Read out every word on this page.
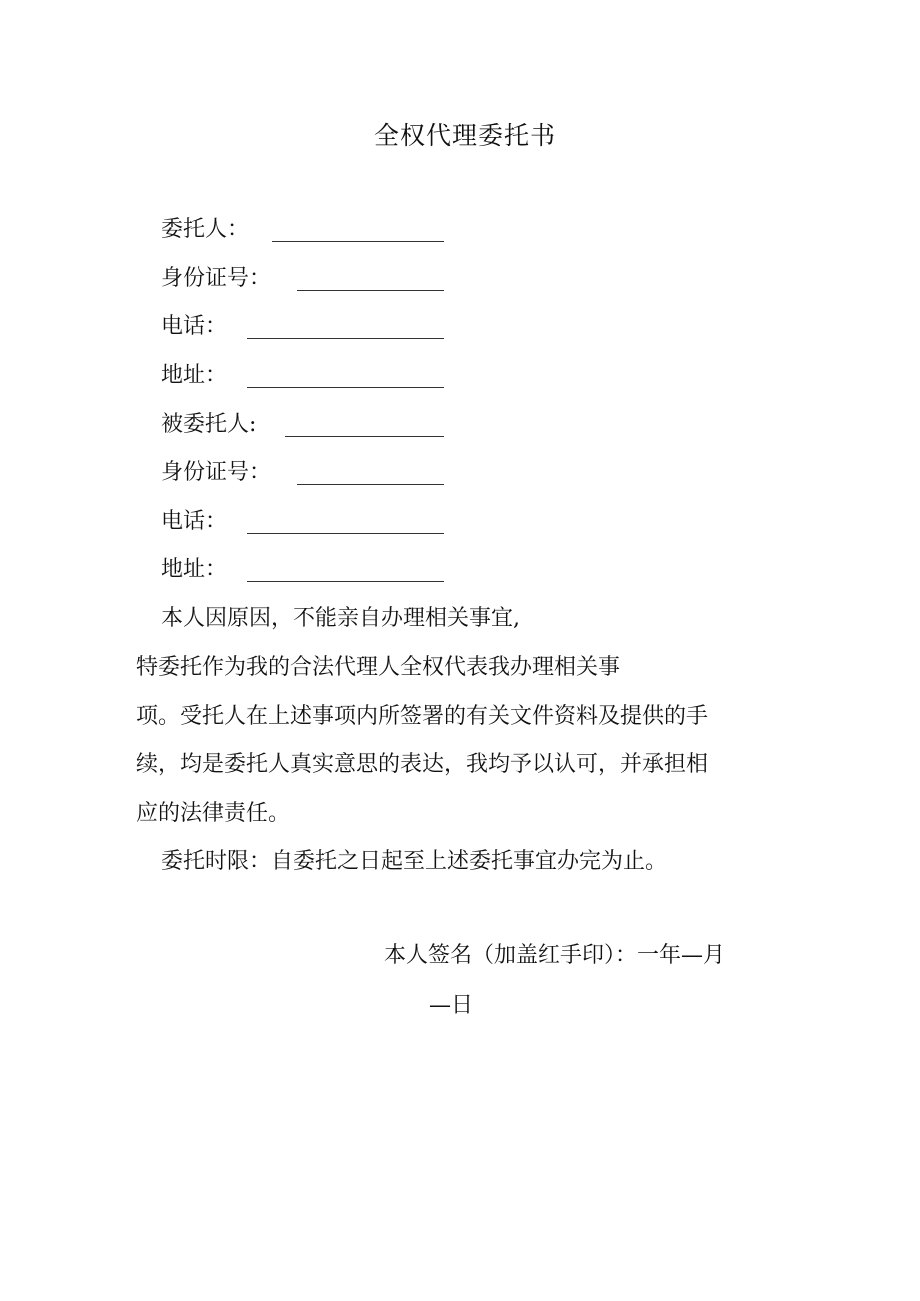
全权代理委托书
委托人：
身份证号：
电话：
地址：
被委托人:
身份证号：
电话：
地址：
本人因原因，不能亲自办理相关事宜,
特委托作为我的合法代理人全权代表我办理相关事
项。受托人在上述事项内所签署的有关文件资料及提供的手
续，均是委托人真实意思的表达，我均予以认可，并承担相
应的法律责任。
委托时限：自委托之日起至上述委托事宜办完为止。
本人签名（加盖红手印）：一年—月
—日
